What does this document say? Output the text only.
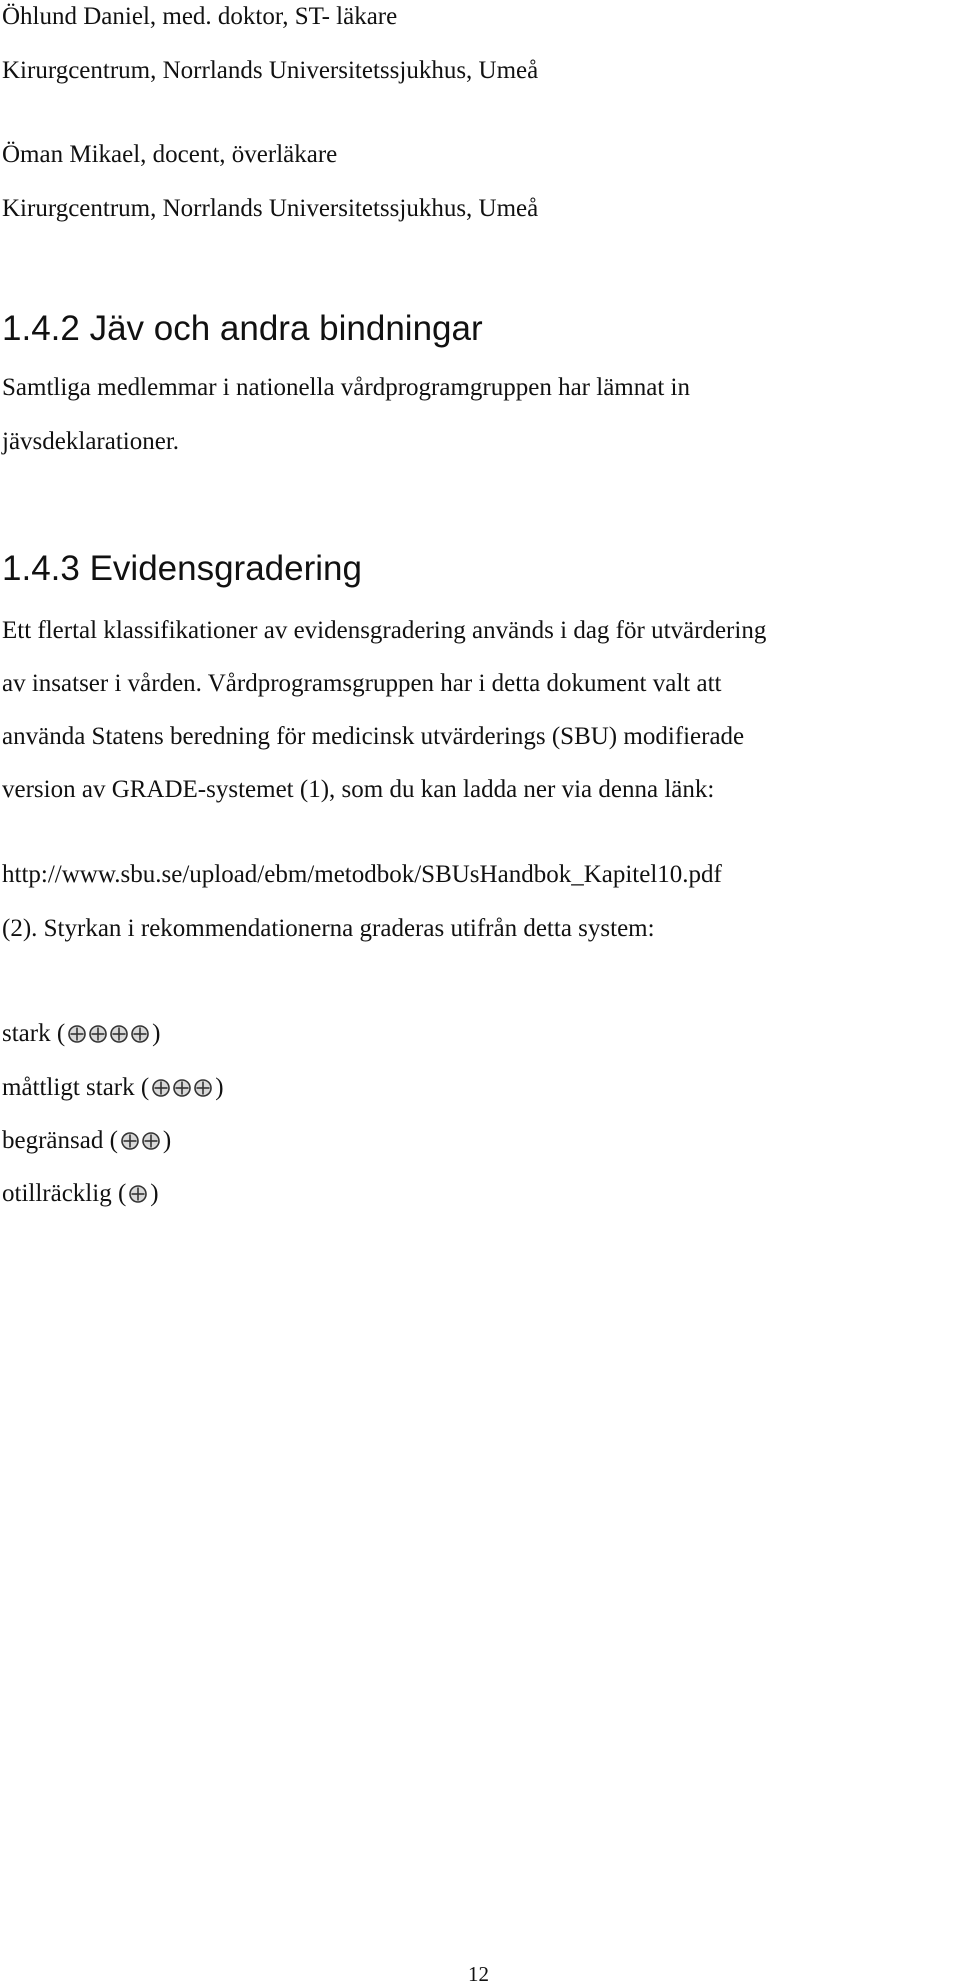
Öhlund Daniel, med. doktor, ST- läkare
Kirurgcentrum, Norrlands Universitetssjukhus, Umeå
Öman Mikael, docent, överläkare
Kirurgcentrum, Norrlands Universitetssjukhus, Umeå
1.4.2 Jäv och andra bindningar
Samtliga medlemmar i nationella vårdprogramgruppen har lämnat in
jävsdeklarationer.
1.4.3 Evidensgradering
Ett flertal klassifikationer av evidensgradering används i dag för utvärdering
av insatser i vården. Vårdprogramsgruppen har i detta dokument valt att
använda Statens beredning för medicinsk utvärderings (SBU) modifierade
version av GRADE-systemet (1), som du kan ladda ner via denna länk:
http://www.sbu.se/upload/ebm/metodbok/SBUsHandbok_Kapitel10.pdf
(2). Styrkan i rekommendationerna graderas utifrån detta system:
stark (	)
måttligt stark (	)
begränsad ( )
otillräcklig ( )
12
